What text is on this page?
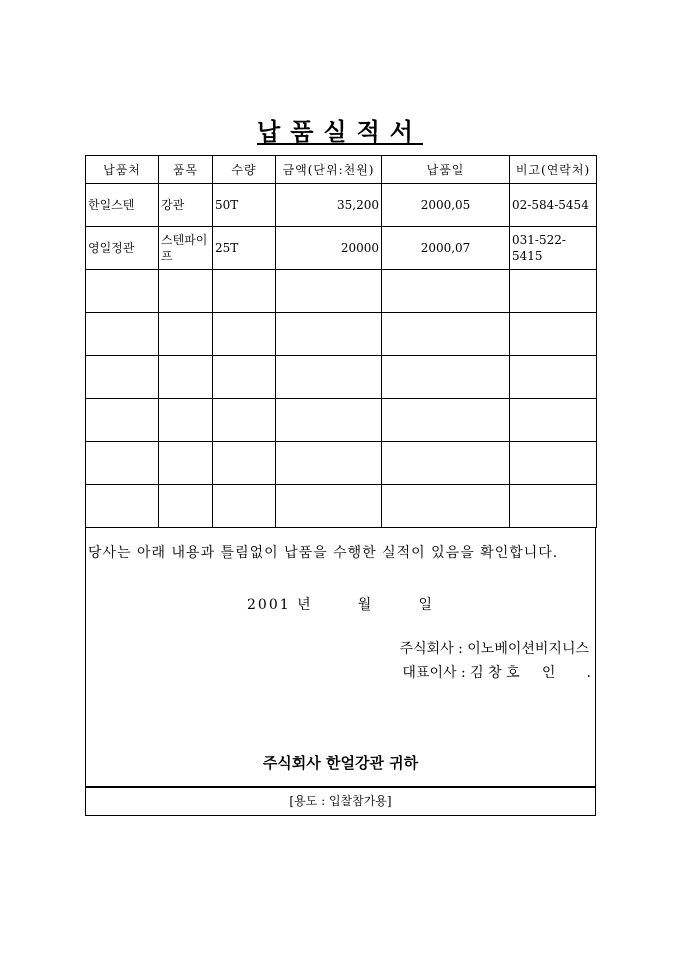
납품실적서
납품처	품목	수량	금액(단위:천원)	납품일	비고(연락처)
한일스텐	강관	50T	35,200	2000,05	02-584-5454
영일정관	스텐파이프	25T	20000	2000,07	031-522-5415

당사는 아래 내용과 틀림없이 납품을 수행한 실적이 있음을 확인합니다.
2001 년	월	일
주식회사 : 이노베이션비지니스
대표이사 : 김 창 호 인 .
주식회사 한얼강관 귀하
[용도 : 입찰참가용]
